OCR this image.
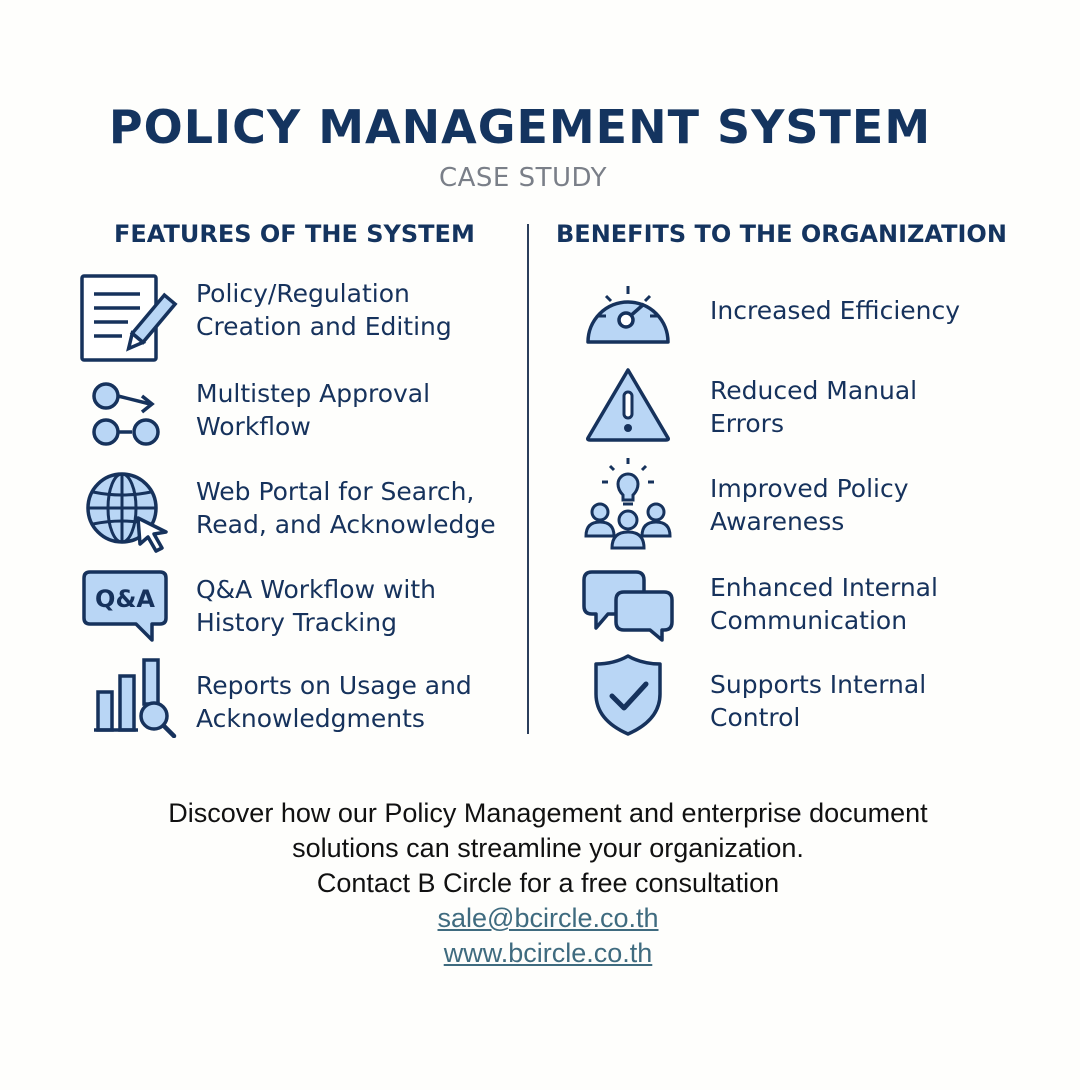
POLICY MANAGEMENT SYSTEM
CASE STUDY
FEATURES OF THE SYSTEM	BENEFITS TO THE ORGANIZATION
Policy/Regulation
Creation and Editing
Multistep Approval
Workflow
Web Portal for Search,
Read, and Acknowledge
Q&A Q&A Workflow with
History Tracking
Reports on Usage and
Acknowledgments
Increased Efficiency
Reduced Manual
Errors
Improved Policy
Awareness
Enhanced Internal
Communication
Supports Internal
Control
Discover how our Policy Management and enterprise document
solutions can streamline your organization.
Contact B Circle for a free consultation
sale@bcircle.co.th
www.bcircle.co.th
